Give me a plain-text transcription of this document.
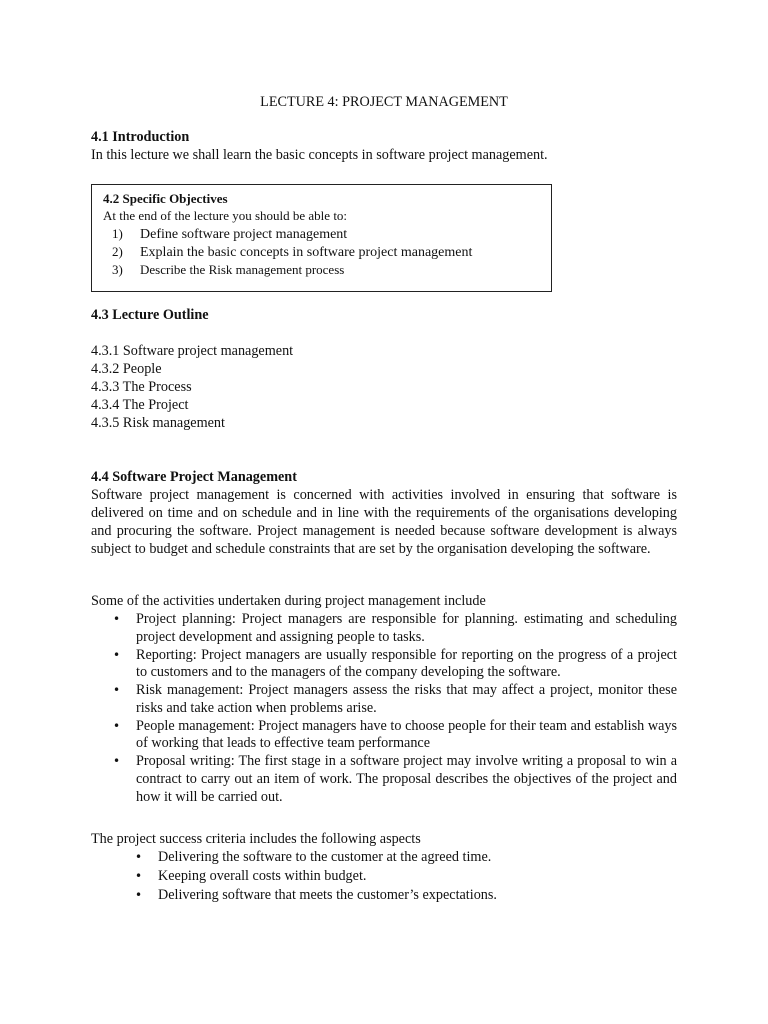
LECTURE 4: PROJECT MANAGEMENT
4.1 Introduction
In this lecture we shall learn the basic concepts in software project management.
4.2 Specific Objectives
At the end of the lecture you should be able to:
1) Define software project management
2) Explain the basic concepts in software project management
3) Describe the Risk management process
4.3 Lecture Outline
4.3.1 Software project management
4.3.2 People
4.3.3 The Process
4.3.4 The Project
4.3.5 Risk management
4.4 Software Project Management
Software project management is concerned with activities involved in ensuring that software is delivered on time and on schedule and in line with the requirements of the organisations developing and procuring the software. Project management is needed because software development is always subject to budget and schedule constraints that are set by the organisation developing the software.
Some of the activities undertaken during project management include
• Project planning: Project managers are responsible for planning. estimating and scheduling project development and assigning people to tasks.
• Reporting: Project managers are usually responsible for reporting on the progress of a project to customers and to the managers of the company developing the software.
• Risk management: Project managers assess the risks that may affect a project, monitor these risks and take action when problems arise.
• People management: Project managers have to choose people for their team and establish ways of working that leads to effective team performance
• Proposal writing: The first stage in a software project may involve writing a proposal to win a contract to carry out an item of work. The proposal describes the objectives of the project and how it will be carried out.
The project success criteria includes the following aspects
• Delivering the software to the customer at the agreed time.
• Keeping overall costs within budget.
• Delivering software that meets the customer’s expectations.
